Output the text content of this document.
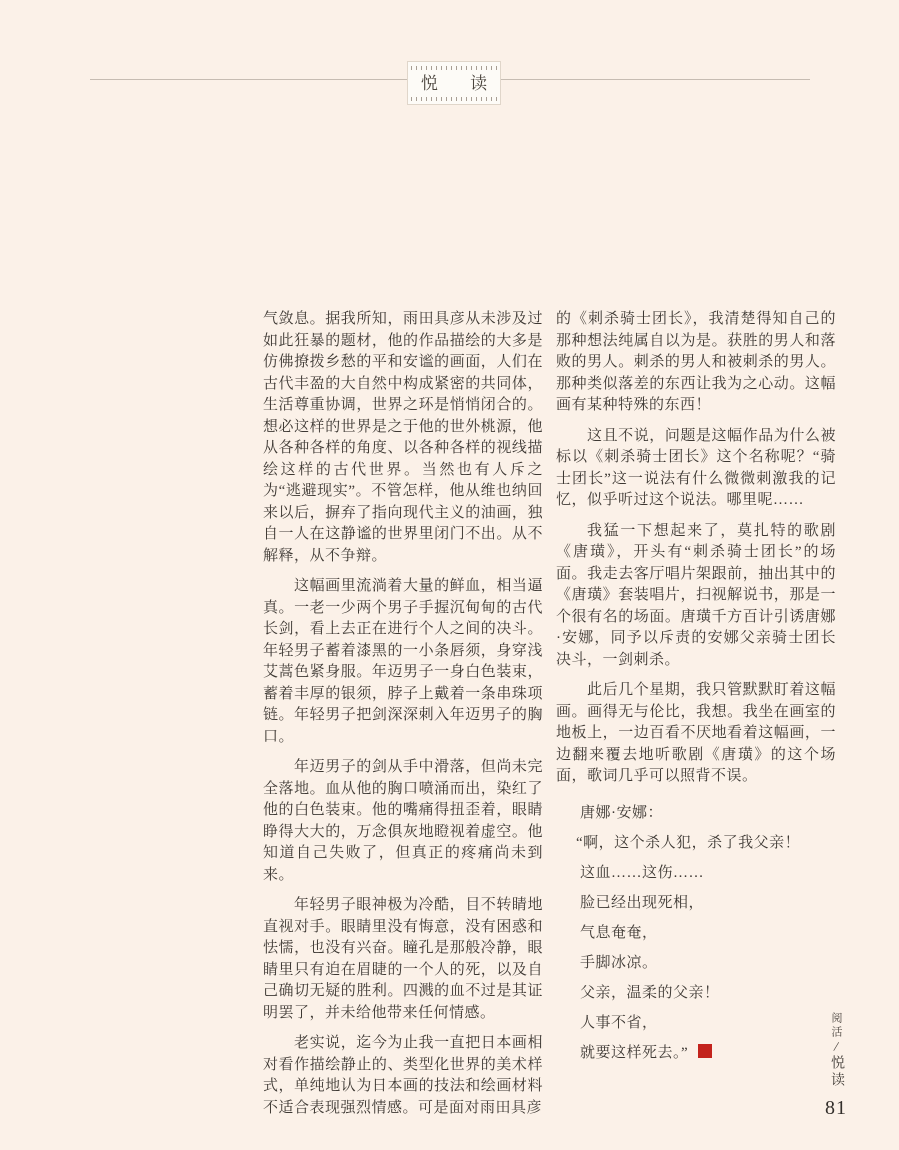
悦 读

气敛息。据我所知，雨田具彦从未涉及过如此狂暴的题材，他的作品描绘的大多是仿佛撩拨乡愁的平和安谧的画面，人们在古代丰盈的大自然中构成紧密的共同体，生活尊重协调，世界之环是悄悄闭合的。想必这样的世界是之于他的世外桃源，他从各种各样的角度、以各种各样的视线描绘这样的古代世界。当然也有人斥之为“逃避现实”。不管怎样，他从维也纳回来以后，摒弃了指向现代主义的油画，独自一人在这静谧的世界里闭门不出。从不解释，从不争辩。

这幅画里流淌着大量的鲜血，相当逼真。一老一少两个男子手握沉甸甸的古代长剑，看上去正在进行个人之间的决斗。年轻男子蓄着漆黑的一小条唇须，身穿浅艾蒿色紧身服。年迈男子一身白色装束，蓄着丰厚的银须，脖子上戴着一条串珠项链。年轻男子把剑深深刺入年迈男子的胸口。

年迈男子的剑从手中滑落，但尚未完全落地。血从他的胸口喷涌而出，染红了他的白色装束。他的嘴痛得扭歪着，眼睛睁得大大的，万念俱灰地瞪视着虚空。他知道自己失败了，但真正的疼痛尚未到来。

年轻男子眼神极为冷酷，目不转睛地直视对手。眼睛里没有悔意，没有困惑和怯懦，也没有兴奋。瞳孔是那般冷静，眼睛里只有迫在眉睫的一个人的死，以及自己确切无疑的胜利。四溅的血不过是其证明罢了，并未给他带来任何情感。

老实说，迄今为止我一直把日本画相对看作描绘静止的、类型化世界的美术样式，单纯地认为日本画的技法和绘画材料不适合表现强烈情感。可是面对雨田具彦

的《刺杀骑士团长》，我清楚得知自己的那种想法纯属自以为是。获胜的男人和落败的男人。刺杀的男人和被刺杀的男人。那种类似落差的东西让我为之心动。这幅画有某种特殊的东西！

这且不说，问题是这幅作品为什么被标以《刺杀骑士团长》这个名称呢？“骑士团长”这一说法有什么微微刺激我的记忆，似乎听过这个说法。哪里呢……

我猛一下想起来了，莫扎特的歌剧《唐璜》，开头有“刺杀骑士团长”的场面。我走去客厅唱片架跟前，抽出其中的《唐璜》套装唱片，扫视解说书，那是一个很有名的场面。唐璜千方百计引诱唐娜·安娜，同予以斥责的安娜父亲骑士团长决斗，一剑刺杀。

此后几个星期，我只管默默盯着这幅画。画得无与伦比，我想。我坐在画室的地板上，一边百看不厌地看着这幅画，一边翻来覆去地听歌剧《唐璜》的这个场面，歌词几乎可以照背不误。

唐娜·安娜：

“啊，这个杀人犯，杀了我父亲！

这血……这伤……

脸已经出现死相，

气息奄奄，

手脚冰凉。

父亲，温柔的父亲！

人事不省，

就要这样死去。”

阅活
/
悦读
81
